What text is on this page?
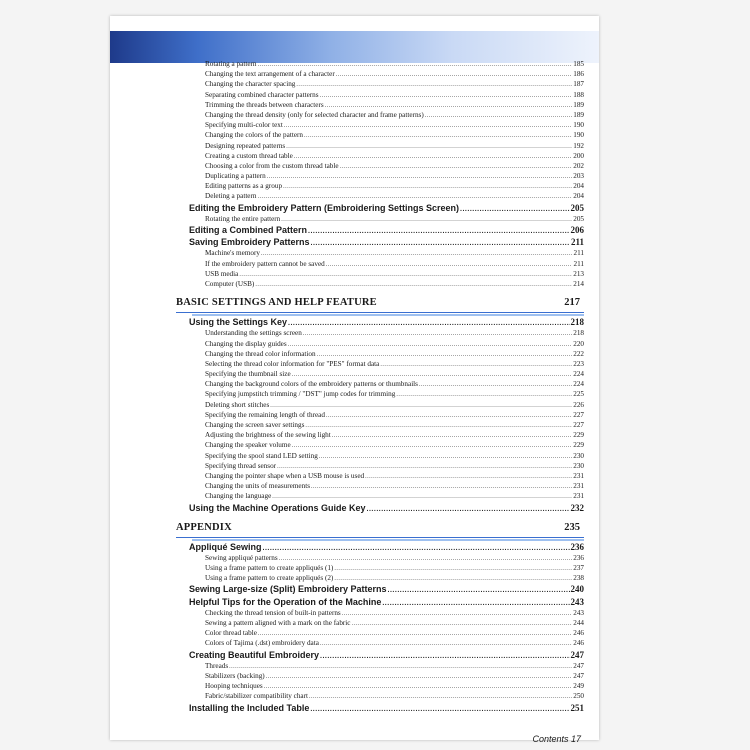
Rotating a pattern .....	185
Changing the text arrangement of a character .....	186
Changing the character spacing .....	187
Separating combined character patterns .....	188
Trimming the threads between characters .....	189
Changing the thread density (only for selected character and frame patterns) .....	189
Specifying multi-color text .....	190
Changing the colors of the pattern .....	190
Designing repeated patterns .....	192
Creating a custom thread table .....	200
Choosing a color from the custom thread table .....	202
Duplicating a pattern .....	203
Editing patterns as a group .....	204
Deleting a pattern .....	204
Editing the Embroidery Pattern (Embroidering Settings Screen) .....	205
Rotating the entire pattern .....	205
Editing a Combined Pattern .....	206
Saving Embroidery Patterns .....	211
Machine's memory .....	211
If the embroidery pattern cannot be saved .....	211
USB media .....	213
Computer (USB) .....	214
BASIC SETTINGS AND HELP FEATURE	217
Using the Settings Key .....	218
Understanding the settings screen .....	218
Changing the display guides .....	220
Changing the thread color information .....	222
Selecting the thread color information for "PES" format data .....	223
Specifying the thumbnail size .....	224
Changing the background colors of the embroidery patterns or thumbnails .....	224
Specifying jumpstitch trimming / "DST" jump codes for trimming .....	225
Deleting short stitches .....	226
Specifying the remaining length of thread .....	227
Changing the screen saver settings .....	227
Adjusting the brightness of the sewing light .....	229
Changing the speaker volume .....	229
Specifying the spool stand LED setting .....	230
Specifying thread sensor .....	230
Changing the pointer shape when a USB mouse is used .....	231
Changing the units of measurements .....	231
Changing the language .....	231
Using the Machine Operations Guide Key .....	232
APPENDIX	235
Appliqué Sewing .....	236
Sewing appliqué patterns .....	236
Using a frame pattern to create appliqués (1) .....	237
Using a frame pattern to create appliqués (2) .....	238
Sewing Large-size (Split) Embroidery Patterns .....	240
Helpful Tips for the Operation of the Machine .....	243
Checking the thread tension of built-in patterns .....	243
Sewing a pattern aligned with a mark on the fabric .....	244
Color thread table .....	246
Colors of Tajima (.dst) embroidery data .....	246
Creating Beautiful Embroidery .....	247
Threads .....	247
Stabilizers (backing) .....	247
Hooping techniques .....	249
Fabric/stabilizer compatibility chart .....	250
Installing the Included Table .....	251
Contents 17
